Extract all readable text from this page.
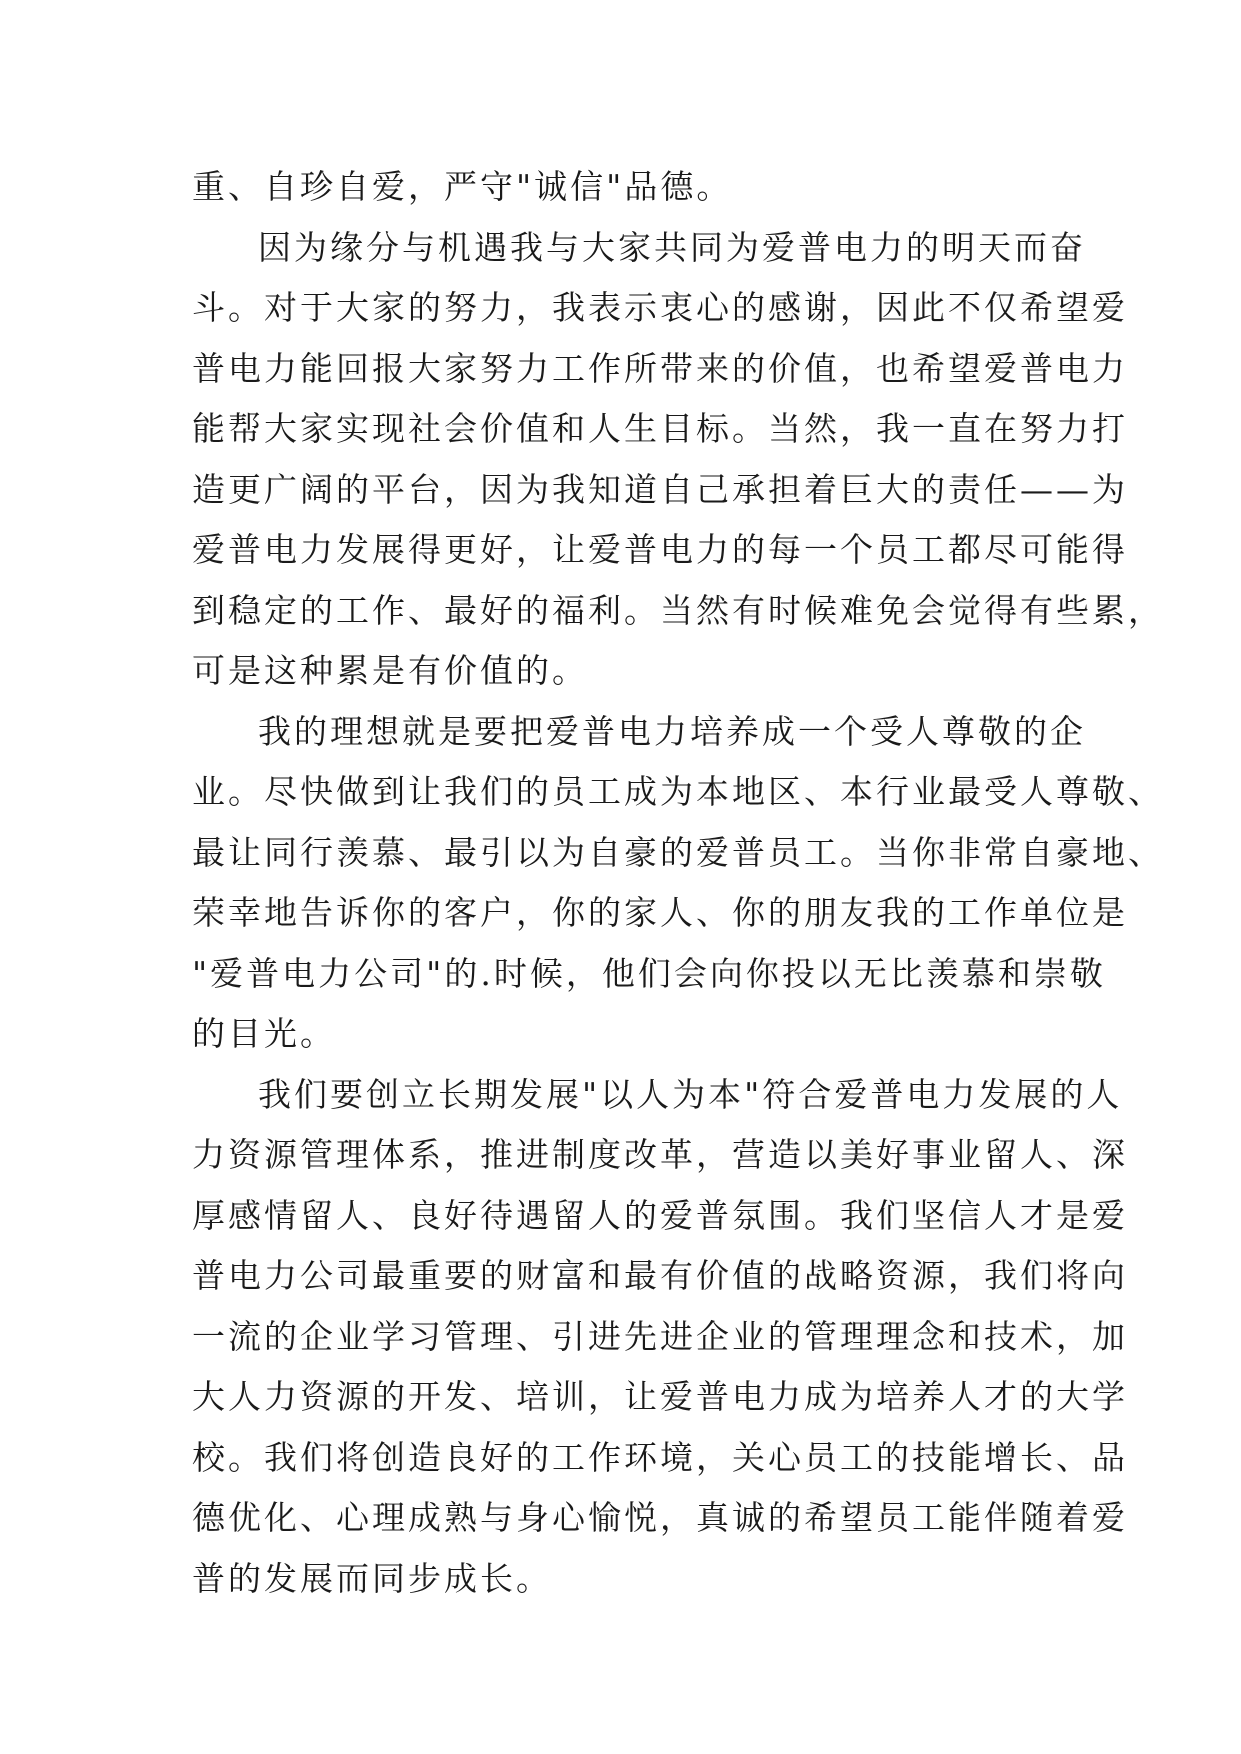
重、自珍自爱，严守"诚信"品德。
因为缘分与机遇我与大家共同为爱普电力的明天而奋
斗。对于大家的努力，我表示衷心的感谢，因此不仅希望爱
普电力能回报大家努力工作所带来的价值，也希望爱普电力
能帮大家实现社会价值和人生目标。当然，我一直在努力打
造更广阔的平台，因为我知道自己承担着巨大的责任——为
爱普电力发展得更好，让爱普电力的每一个员工都尽可能得
到稳定的工作、最好的福利。当然有时候难免会觉得有些累，
可是这种累是有价值的。
我的理想就是要把爱普电力培养成一个受人尊敬的企
业。尽快做到让我们的员工成为本地区、本行业最受人尊敬、
最让同行羡慕、最引以为自豪的爱普员工。当你非常自豪地、
荣幸地告诉你的客户，你的家人、你的朋友我的工作单位是
"爱普电力公司"的.时候，他们会向你投以无比羡慕和崇敬
的目光。
我们要创立长期发展"以人为本"符合爱普电力发展的人
力资源管理体系，推进制度改革，营造以美好事业留人、深
厚感情留人、良好待遇留人的爱普氛围。我们坚信人才是爱
普电力公司最重要的财富和最有价值的战略资源，我们将向
一流的企业学习管理、引进先进企业的管理理念和技术，加
大人力资源的开发、培训，让爱普电力成为培养人才的大学
校。我们将创造良好的工作环境，关心员工的技能增长、品
德优化、心理成熟与身心愉悦，真诚的希望员工能伴随着爱
普的发展而同步成长。
